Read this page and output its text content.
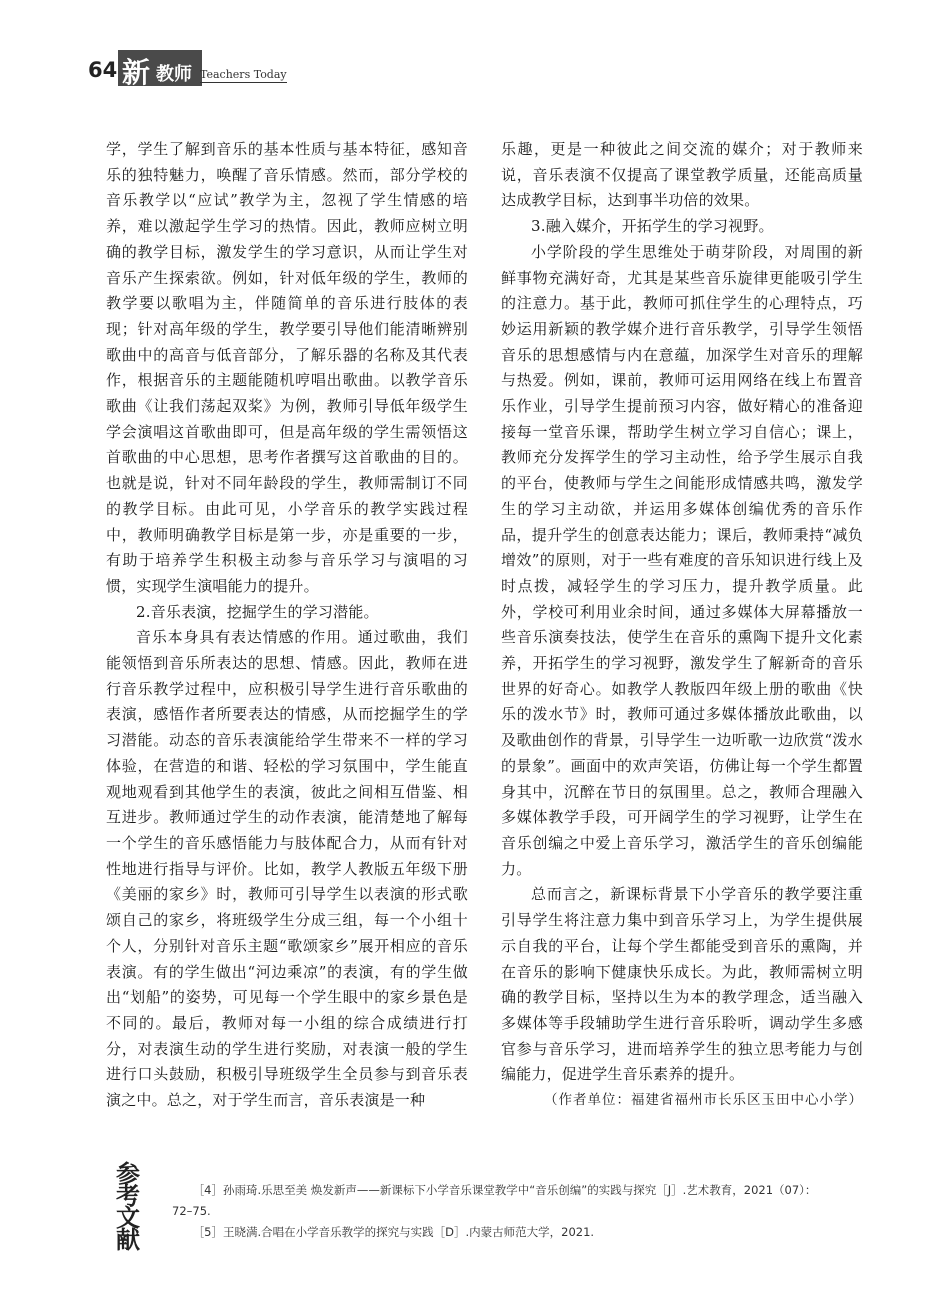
64 新 教师 Teachers Today

学，学生了解到音乐的基本性质与基本特征，感知音乐的独特魅力，唤醒了音乐情感。然而，部分学校的音乐教学以“应试”教学为主，忽视了学生情感的培养，难以激起学生学习的热情。因此，教师应树立明确的教学目标，激发学生的学习意识，从而让学生对音乐产生探索欲。例如，针对低年级的学生，教师的教学要以歌唱为主，伴随简单的音乐进行肢体的表现；针对高年级的学生，教学要引导他们能清晰辨别歌曲中的高音与低音部分，了解乐器的名称及其代表作，根据音乐的主题能随机哼唱出歌曲。以教学音乐歌曲《让我们荡起双桨》为例，教师引导低年级学生学会演唱这首歌曲即可，但是高年级的学生需领悟这首歌曲的中心思想，思考作者撰写这首歌曲的目的。也就是说，针对不同年龄段的学生，教师需制订不同的教学目标。由此可见，小学音乐的教学实践过程中，教师明确教学目标是第一步，亦是重要的一步，有助于培养学生积极主动参与音乐学习与演唱的习惯，实现学生演唱能力的提升。

2.音乐表演，挖掘学生的学习潜能。

音乐本身具有表达情感的作用。通过歌曲，我们能领悟到音乐所表达的思想、情感。因此，教师在进行音乐教学过程中，应积极引导学生进行音乐歌曲的表演，感悟作者所要表达的情感，从而挖掘学生的学习潜能。动态的音乐表演能给学生带来不一样的学习体验，在营造的和谐、轻松的学习氛围中，学生能直观地观看到其他学生的表演，彼此之间相互借鉴、相互进步。教师通过学生的动作表演，能清楚地了解每一个学生的音乐感悟能力与肢体配合力，从而有针对性地进行指导与评价。比如，教学人教版五年级下册《美丽的家乡》时，教师可引导学生以表演的形式歌颂自己的家乡，将班级学生分成三组，每一个小组十个人，分别针对音乐主题“歌颂家乡”展开相应的音乐表演。有的学生做出“河边乘凉”的表演，有的学生做出“划船”的姿势，可见每一个学生眼中的家乡景色是不同的。最后，教师对每一小组的综合成绩进行打分，对表演生动的学生进行奖励，对表演一般的学生进行口头鼓励，积极引导班级学生全员参与到音乐表演之中。总之，对于学生而言，音乐表演是一种

乐趣，更是一种彼此之间交流的媒介；对于教师来说，音乐表演不仅提高了课堂教学质量，还能高质量达成教学目标，达到事半功倍的效果。

3.融入媒介，开拓学生的学习视野。

小学阶段的学生思维处于萌芽阶段，对周围的新鲜事物充满好奇，尤其是某些音乐旋律更能吸引学生的注意力。基于此，教师可抓住学生的心理特点，巧妙运用新颖的教学媒介进行音乐教学，引导学生领悟音乐的思想感情与内在意蕴，加深学生对音乐的理解与热爱。例如，课前，教师可运用网络在线上布置音乐作业，引导学生提前预习内容，做好精心的准备迎接每一堂音乐课，帮助学生树立学习自信心；课上，教师充分发挥学生的学习主动性，给予学生展示自我的平台，使教师与学生之间能形成情感共鸣，激发学生的学习主动欲，并运用多媒体创编优秀的音乐作品，提升学生的创意表达能力；课后，教师秉持“减负增效”的原则，对于一些有难度的音乐知识进行线上及时点拨，减轻学生的学习压力，提升教学质量。此外，学校可利用业余时间，通过多媒体大屏幕播放一些音乐演奏技法，使学生在音乐的熏陶下提升文化素养，开拓学生的学习视野，激发学生了解新奇的音乐世界的好奇心。如教学人教版四年级上册的歌曲《快乐的泼水节》时，教师可通过多媒体播放此歌曲，以及歌曲创作的背景，引导学生一边听歌一边欣赏“泼水的景象”。画面中的欢声笑语，仿佛让每一个学生都置身其中，沉醉在节日的氛围里。总之，教师合理融入多媒体教学手段，可开阔学生的学习视野，让学生在音乐创编之中爱上音乐学习，激活学生的音乐创编能力。

总而言之，新课标背景下小学音乐的教学要注重引导学生将注意力集中到音乐学习上，为学生提供展示自我的平台，让每个学生都能受到音乐的熏陶，并在音乐的影响下健康快乐成长。为此，教师需树立明确的教学目标，坚持以生为本的教学理念，适当融入多媒体等手段辅助学生进行音乐聆听，调动学生多感官参与音乐学习，进而培养学生的独立思考能力与创编能力，促进学生音乐素养的提升。

（作者单位：福建省福州市长乐区玉田中心小学）

参
考
文
献

［4］孙雨琦.乐思至美 焕发新声——新课标下小学音乐课堂教学中“音乐创编”的实践与探究［J］.艺术教育，2021（07）：72–75.

［5］王晓满.合唱在小学音乐教学的探究与实践［D］.内蒙古师范大学，2021.
